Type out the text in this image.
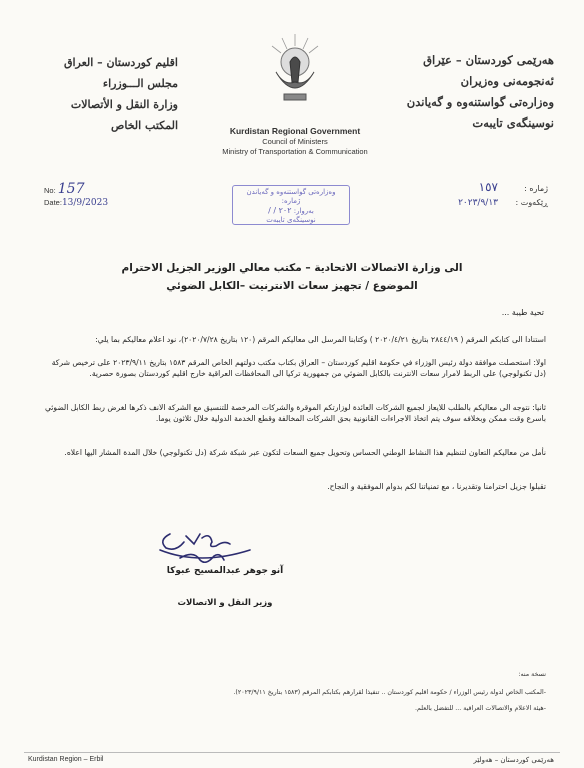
هەرێمی کوردستان – عێراق
ئەنجومەنی وەزیران
وەزارەتی گواستنەوە و گەیاندن
نوسینگەی تایبەت
اقليم كوردستان – العراق
مجلس الـــوزراء
وزارة النقل و الأتصالات
المكتب الخاص	Kurdistan Regional Government
Council of Ministers
Ministry of Transportation & Communication
No: 157
Date:13/9/2023
وەزارەتی گواستنەوە و گەیاندن
ژمارە:
بەروار: ٢٠٢ / /
نوسینگەی تایبەت
ژمارە :١٥٧
ڕێکەوت :٢٠٢٣/٩/١٣
الى وزارة الاتصالات الاتحادية – مكتب معالي الوزير الجزيل الاحترام
الموضوع / تجهيز سعات الانترنيت –الكابل الضوئي
تحية طيبة ...
استنادا الى كتابكم المرقم ( ٢٨٤٤/١٩ بتاريخ ٢٠٢٠/٤/٢١ ) وكتابنا المرسل الى معاليكم المرقم (١٢٠ بتاريخ ٢٠٢٠/٧/٢٨)، نود اعلام معاليكم بما يلي:
اولا: استحصلت موافقة دولة رئيس الوزراء في حكومة اقليم كوردستان – العراق بكتاب مكتب دولتهم الخاص المرقم ١٥٨٣ بتاريخ ٢٠٢٣/٩/١١ على ترخيص شركة (دل تكنولوجي) على الربط لامرار سعات الانترنت بالكابل الضوئي من جمهورية تركيا الى المحافظات العراقية خارج اقليم كوردستان بصورة حصرية.
ثانيا: نتوجه الى معاليكم بالطلب للايعاز لجميع الشركات العائدة لوزارتكم الموقرة والشركات المرخصة للتنسيق مع الشركة الانف ذكرها لغرض ربط الكابل الضوئي باسرع وقت ممكن وبخلافه سوف يتم اتخاذ الاجراءات القانونية بحق الشركات المخالفة وقطع الخدمة الدولية خلال ثلاثون يوما.
نأمل من معاليكم التعاون لتنظيم هذا النشاط الوطني الحساس وتحويل جميع السعات لتكون عبر شبكة شركة (دل تكنولوجي) خلال المدة المشار اليها اعلاه.
تقبلوا جزيل احترامنا وتقديرنا ، مع تمنياتنا لكم بدوام الموفقية و النجاح.
آنو جوهر عبدالمسيح عبوكا
وزير النقل و الاتصالات
نسخة منه:
-المكتب الخاص لدولة رئيس الوزراء / حكومة اقليم كوردستان .. تنفيذا لقرارهم بكتابكم المرقم (١٥٨٣ بتاريخ ٢٠٢٣/٩/١١).
-هيئة الاعلام والاتصالات العراقية ... للتفضل بالعلم.
Kurdistan Region – Erbil	هەرێمی کوردستان – هەولێر
